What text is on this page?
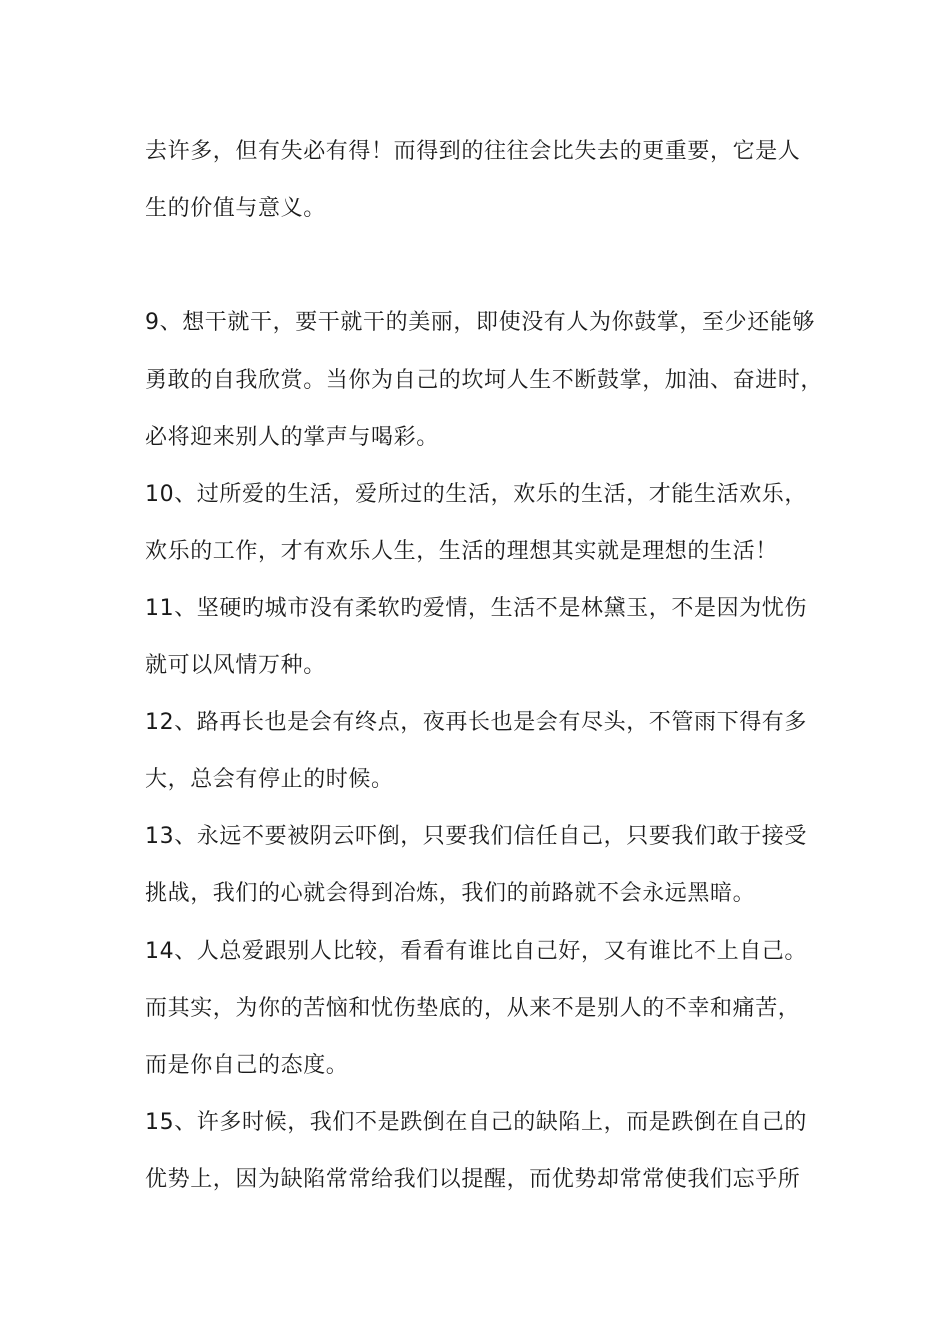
去许多，但有失必有得！而得到的往往会比失去的更重要，它是人
生的价值与意义。
9、想干就干，要干就干的美丽，即使没有人为你鼓掌，至少还能够
勇敢的自我欣赏。当你为自己的坎坷人生不断鼓掌，加油、奋进时，
必将迎来别人的掌声与喝彩。
10、过所爱的生活，爱所过的生活，欢乐的生活，才能生活欢乐，
欢乐的工作，才有欢乐人生，生活的理想其实就是理想的生活！
11、坚硬旳城市没有柔软旳爱情，生活不是林黛玉，不是因为忧伤
就可以风情万种。
12、路再长也是会有终点，夜再长也是会有尽头，不管雨下得有多
大，总会有停止的时候。
13、永远不要被阴云吓倒，只要我们信任自己，只要我们敢于接受
挑战，我们的心就会得到冶炼，我们的前路就不会永远黑暗。
14、人总爱跟别人比较，看看有谁比自己好，又有谁比不上自己。
而其实，为你的苦恼和忧伤垫底的，从来不是别人的不幸和痛苦，
而是你自己的态度。
15、许多时候，我们不是跌倒在自己的缺陷上，而是跌倒在自己的
优势上，因为缺陷常常给我们以提醒，而优势却常常使我们忘乎所
